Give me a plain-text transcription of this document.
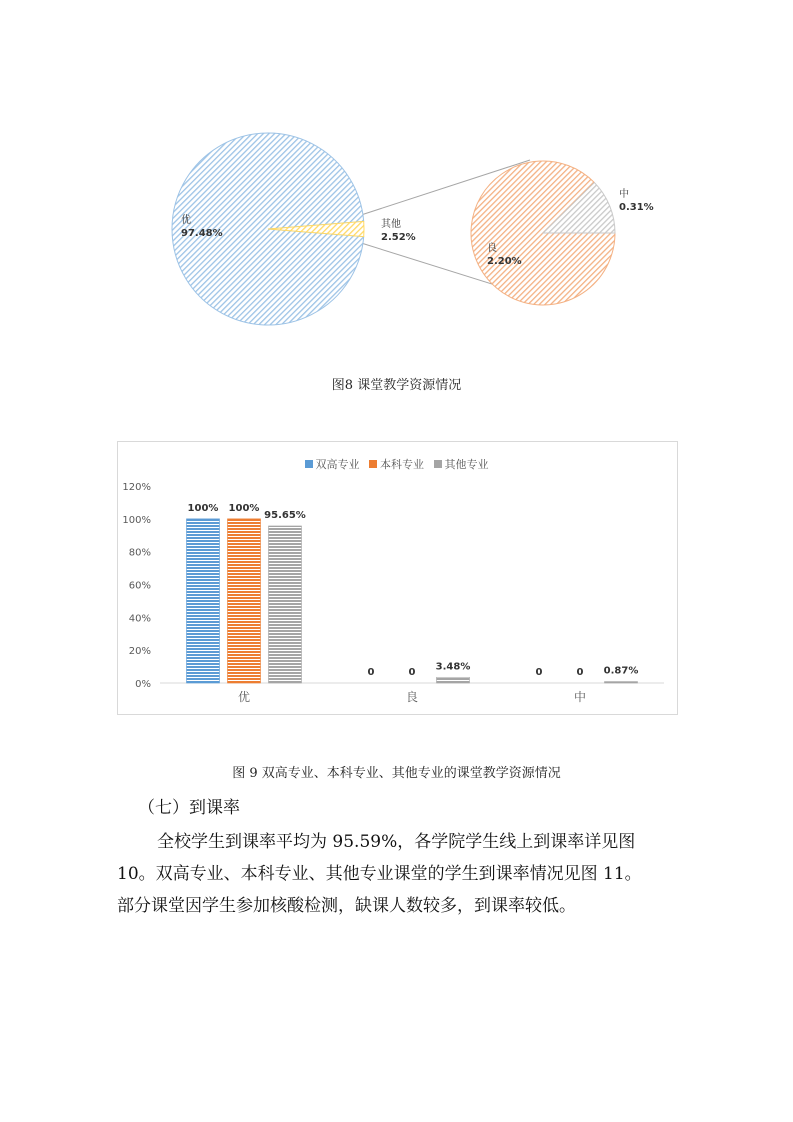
优
97.48%
其他
2.52%
良
2.20%
中
0.31%
图8 课堂教学资源情况
双高专业 本科专业 其他专业
0%
20%
40%
60%
80%
100%
120%
100% 100%
95.65%
优
0	0
3.48%
良
0	0 0.87%
中
图 9 双高专业、本科专业、其他专业的课堂教学资源情况
（七）到课率
全校学生到课率平均为 95.59%，各学院学生线上到课率详见图
10。双高专业、本科专业、其他专业课堂的学生到课率情况见图 11。
部分课堂因学生参加核酸检测，缺课人数较多，到课率较低。
